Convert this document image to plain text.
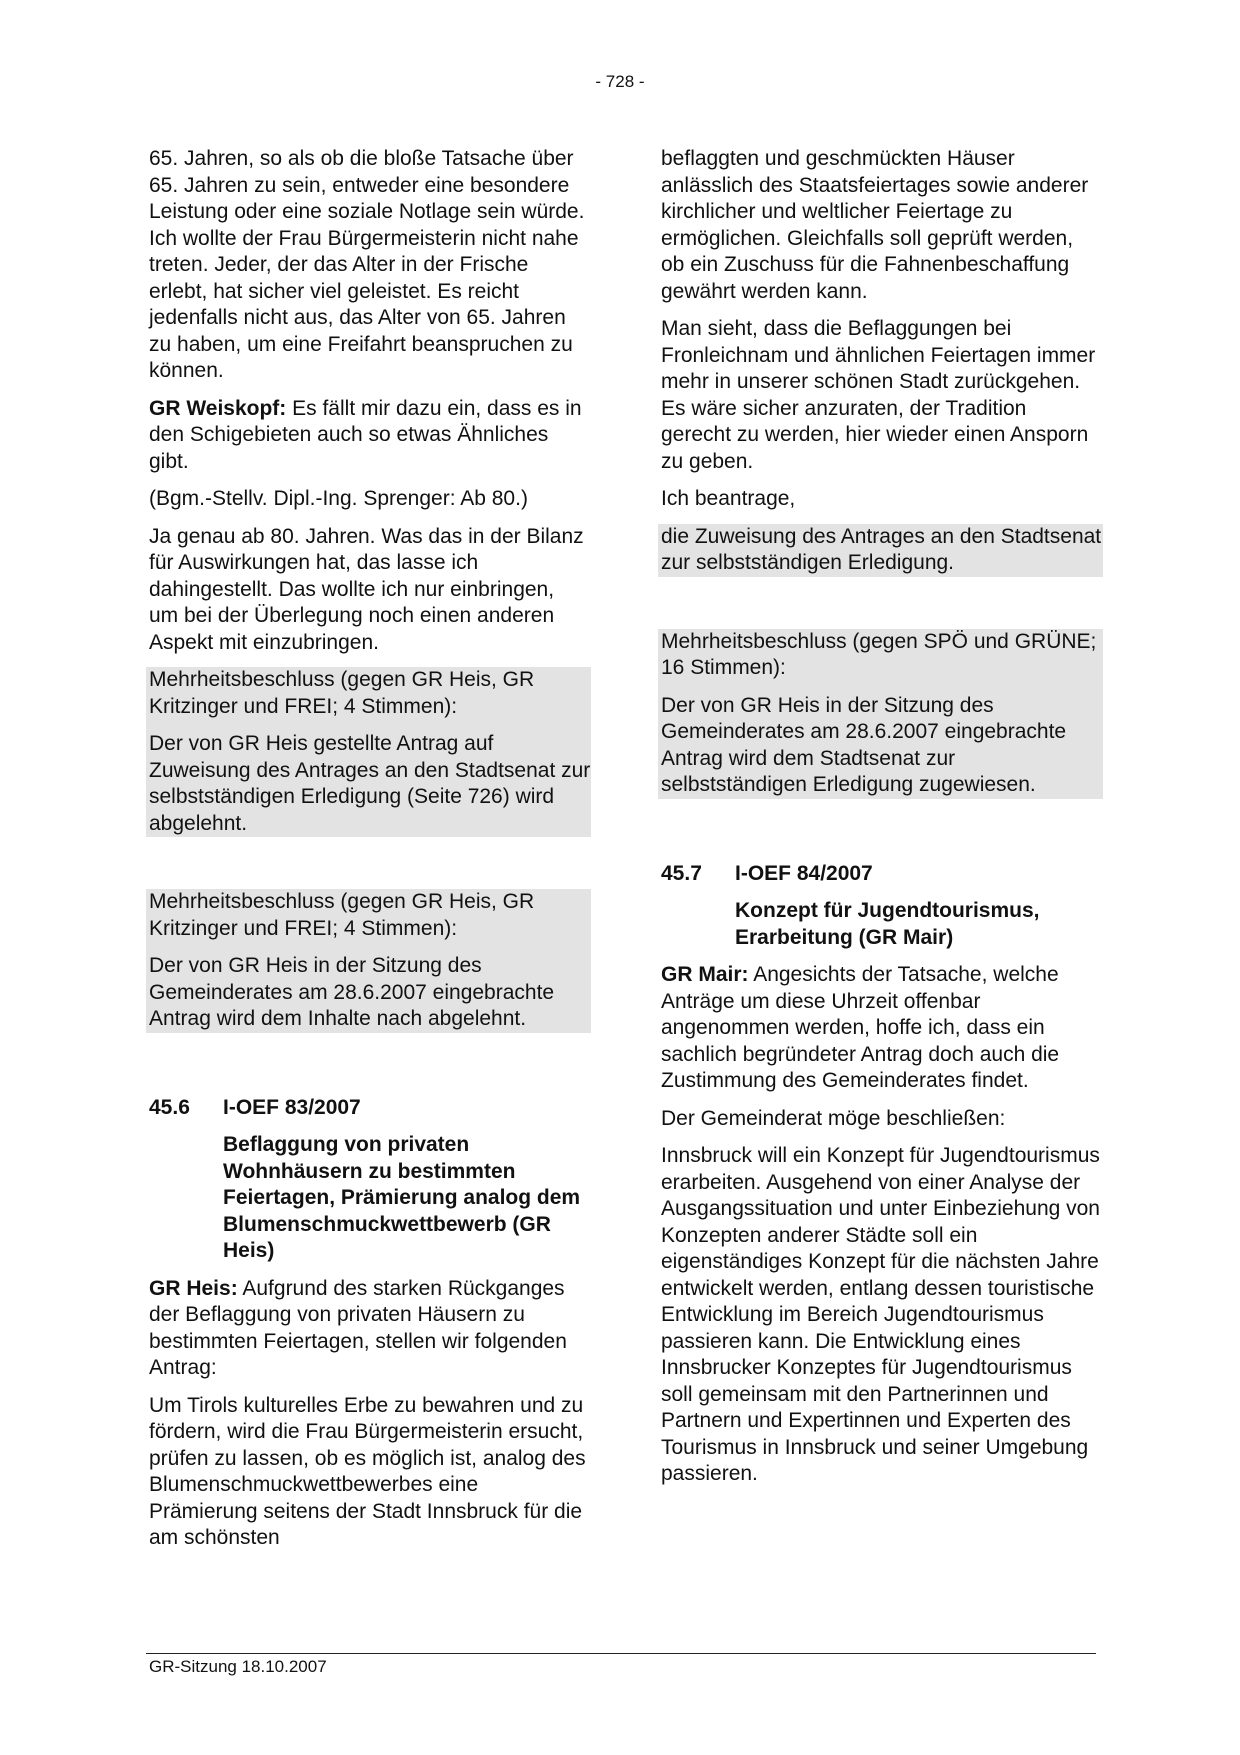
- 728 -

65. Jahren, so als ob die bloße Tatsache über 65. Jahren zu sein, entweder eine besondere Leistung oder eine soziale Notlage sein würde. Ich wollte der Frau Bürgermeisterin nicht nahe treten. Jeder, der das Alter in der Frische erlebt, hat sicher viel geleistet. Es reicht jedenfalls nicht aus, das Alter von 65. Jahren zu haben, um eine Freifahrt beanspruchen zu können.

GR Weiskopf: Es fällt mir dazu ein, dass es in den Schigebieten auch so etwas Ähnliches gibt.

(Bgm.-Stellv. Dipl.-Ing. Sprenger: Ab 80.)

Ja genau ab 80. Jahren. Was das in der Bilanz für Auswirkungen hat, das lasse ich dahingestellt. Das wollte ich nur einbringen, um bei der Überlegung noch einen anderen Aspekt mit einzubringen.

Mehrheitsbeschluss (gegen GR Heis, GR Kritzinger und FREI; 4 Stimmen):

Der von GR Heis gestellte Antrag auf Zuweisung des Antrages an den Stadtsenat zur selbstständigen Erledigung (Seite 726) wird abgelehnt.

Mehrheitsbeschluss (gegen GR Heis, GR Kritzinger und FREI; 4 Stimmen):

Der von GR Heis in der Sitzung des Gemeinderates am 28.6.2007 eingebrachte Antrag wird dem Inhalte nach abgelehnt.

45.6	I-OEF 83/2007
Beflaggung von privaten Wohnhäusern zu bestimmten Feiertagen, Prämierung analog dem Blumenschmuckwettbewerb (GR Heis)

GR Heis: Aufgrund des starken Rückganges der Beflaggung von privaten Häusern zu bestimmten Feiertagen, stellen wir folgenden Antrag:

Um Tirols kulturelles Erbe zu bewahren und zu fördern, wird die Frau Bürgermeisterin ersucht, prüfen zu lassen, ob es möglich ist, analog des Blumenschmuckwettbewerbes eine Prämierung seitens der Stadt Innsbruck für die am schönsten

beflaggten und geschmückten Häuser anlässlich des Staatsfeiertages sowie anderer kirchlicher und weltlicher Feiertage zu ermöglichen. Gleichfalls soll geprüft werden, ob ein Zuschuss für die Fahnenbeschaffung gewährt werden kann.

Man sieht, dass die Beflaggungen bei Fronleichnam und ähnlichen Feiertagen immer mehr in unserer schönen Stadt zurückgehen. Es wäre sicher anzuraten, der Tradition gerecht zu werden, hier wieder einen Ansporn zu geben.

Ich beantrage,

die Zuweisung des Antrages an den Stadtsenat zur selbstständigen Erledigung.

Mehrheitsbeschluss (gegen SPÖ und GRÜNE; 16 Stimmen):

Der von GR Heis in der Sitzung des Gemeinderates am 28.6.2007 eingebrachte Antrag wird dem Stadtsenat zur selbstständigen Erledigung zugewiesen.

45.7	I-OEF 84/2007
Konzept für Jugendtourismus, Erarbeitung (GR Mair)

GR Mair: Angesichts der Tatsache, welche Anträge um diese Uhrzeit offenbar angenommen werden, hoffe ich, dass ein sachlich begründeter Antrag doch auch die Zustimmung des Gemeinderates findet.

Der Gemeinderat möge beschließen:

Innsbruck will ein Konzept für Jugendtourismus erarbeiten. Ausgehend von einer Analyse der Ausgangssituation und unter Einbeziehung von Konzepten anderer Städte soll ein eigenständiges Konzept für die nächsten Jahre entwickelt werden, entlang dessen touristische Entwicklung im Bereich Jugendtourismus passieren kann. Die Entwicklung eines Innsbrucker Konzeptes für Jugendtourismus soll gemeinsam mit den Partnerinnen und Partnern und Expertinnen und Experten des Tourismus in Innsbruck und seiner Umgebung passieren.

GR-Sitzung 18.10.2007
